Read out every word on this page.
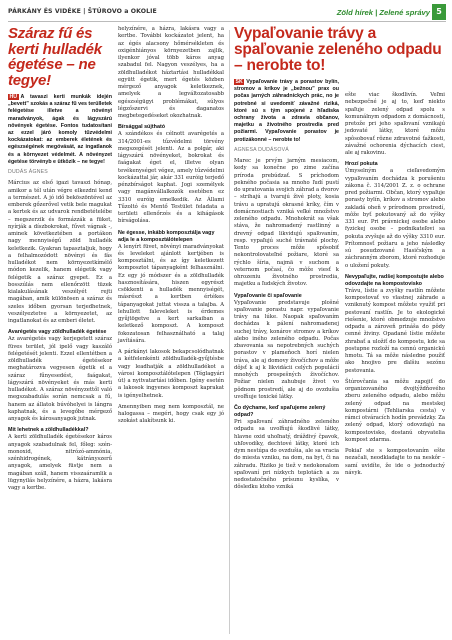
PÁRKÁNY ÉS VIDÉKE | ŠTÚROVO a OKOLIE	Zöld hírek | Zelené správy 5
Száraz fű és kerti hulladék égetése – ne tegye!

HU A tavaszi kerti munkák idején „bevett” szokás a száraz fű ves terülletek felégetése illetve a növényi maradványok, ágak és lágyszárú növények égetése. Fontos tudatosítani az ezzel járó komoly tűzvédelmi kockázatokat: az emberek életének és egészségének megóvását, az ingatlanok és a környezet védelmét. A növényzet égetése törvényb e ütközik – ne tegye!

DUDÁS ÁGNES

Március az első igazi tavaszi hónap, amikor a tél után végre elkezdni kend a természet. A jó idő beköszöntével az emberek gőzerővel vetik bele magukat a kertek és az udvarok rendbetételébe – megszerzik és formázzák a füket, nyírják a díszbokrokat, fűvet vágnak -, aminek következtében a portákon nagy mennyiségű zöld hulladék keletkezik. Gyakran tapasztaljuk, hogy a felhalmozódott növényi és fás hulladékot nem környezetkímélő módon kezelik, hanem elégetik vagy felégetik a száraz gyepet. Ez a bosszúlás nem ellenőrzött tüzek kialakulásának veszélyét rejti magában, amik különösen a száraz és szeles időben gyorsan terjedhetnek, veszélyeztetve a környezetet, az ingatlanokat és az emberi életet.

Avarégetés vagy zöldhulladék égetése

Az avarégetés vagy kerjegetett száraz füves terület, jól ipelő vagy kaszáló felégetését jelenti. Ezzel ellentétben a zöldhulladék égetésekor meghatározva vegyesen égetik el a száraz fűnyesedést, faágakat, lágyszárú növényeket és más kerti hulladékot. A száraz növényzettől való megszabadulás során nemcsak a fű, hanem az állatok búvóhelyei is lángra kaphatnak, és a levegőbe mérgező anyagok és károsanyagok jutnak.

Mit lehetnek a zöldhulladékkal?

A kerti zöldhulladék égetésekor káros anyagok szabadulnak fel, főleg: szén-monoxid, nitrózó-ammónia, szénhidrogének, kátrányszerű anyagok, amelyek füstje nem a magában száll, hanem visszaáramlik a lügynyilás helyzínére, a házra, lakásra vagy a kertbe.

helyzínére, a házra, lakásra vagy a kertbe. További kockázatot jelent, ha az égés alacsony hőmérsékleten és oxigénhiányos környezetben zajlik, ilyenkor jóval több káros anyag szabadul fel. Nagyon veszélyes, ha a zöldhulladékot háztartási hulladékkal együtt égetik, mert égetés közben mérgező anyagok keletkeznek, amelyek a legváltozatosabb egészségügyi problémákat, súlyos légzőszervi és daganatos megbetegedéseket okozhatnak.

Bírsággal sújtható

A szándékos és célnott avarégetés a 314/2001-es tűzvédelmi törvény megszegését jelenti. Az a polgár, aki lágyszárú növényeket, bokrokat és faágakat éget el, illetve olyan tevékenységet végez, amely tűzvédelmi kockázattal jár, akár 331 euróig terjedő pénzbírságot kaphat. Jogi személyek vagy magánvállalkozók esetében ez 3310 euróig emelkedik. Az Állami Tűzoltó és Mentő Testület feladata a területi ellenőrzés és a kihágások bírságolása.

Ne égesse, inkább komposztálja vagy adja le a komposztálótelepen

A lenyírt füvet, növényi maradványokat és leveleket ajánlott kertjében is komposztálni, és az így keletkezett komposztot tápanyagként felhasználni. Ez egy jó módszer és a zöldhulladék hasznosítására, hiszen egyrészt csökkenti a hulladék mennyiségét, másrészt a kertben értékes tápanyagokat juttat vissza a talajba. A lehullott faleveleket is érdemes gyűjtögetve a kert sarkaiban a keletkező komposzt. A komposzt fokozatosan felhasználható a talaj javítására.

A párkányi lakosok bekapcsolódhatnak a kétfelenkénti zöldhulladék-gyűjtésbe vagy leadhatják a zöldhulladékot a városi komposztálótelepen (Téglagyári út) a nyitvatartási időben. Igény esetén a lakosok ingyenes komposzt kaprakat is igényelhetnek.

Amennyiben meg nem komposztál, ne halogassa – megéri, hogy csak egy jó szokást alakítsunk ki.

Vypaľovanie trávy a spaľovanie zeleného odpadu – nerobte to!

SK Vypaľovanie trávy a porastov bylín, stromov a kríkov je „bežnou” prax ou počas jarných záhradníckych prác, no je potrebné si uvedomiť závažné riziká, ktoré sú s tým spojené z hľadiska ochrany života a zdravia občanov, majetku a životného prostredia pred požiarmi. Vypaľovanie porastov je protizákonné – nerobte to!

AGNESA DUDÁSOVÁ

Marec je prvým jarným mesiacom, kedy sa konečne po zime začína príroda prebúdzať. S príchodom pekného počasia sa mnoho ľudí pustí do upratovania svojich záhrad a dvorov – strihajú a tvarujú živé ploty, kosia trávu a upratujú okrasné kríky, čím v domácnostiach vzniká veľké množstvo zeleného odpadu. Mnohokrát sa však stáva, že nahromadený rastlinný a drevný odpad likvidujú spaľovaním, resp. vypaľujú suché trávnaté plochy. Tento proces môže spôsobiť nekontrolovateľné požiare, ktoré sa rýchlo šíria, najmä v suchom a veternom počasí, čo môže viesť k ohrozeniu životného prostredia, majetku a ľudských životov.

Vypaľovanie či spaľovanie

Vypaľovanie predstavuje plošné spaľovanie porastu napr. vypaľovanie trávy na lúke. Naopak spaľovaním dochádza k pálení nahromadenej suchej trávy, konárov stromov a kríkov alebo iného zeleného odpadu. Počas zbavovania sa nepotrebných suchých porastov v plameňoch horí nielen tráva, ale aj domovy živočíchov a môže dôjsť k aj k likvidácii celých populácií mnohých prospešných živočíchov. Požiar nielen zahubuje život vo pôdnom prostredí, ale aj do ovzdušia uvoľňuje toxické látky.

Čo dýchame, keď spaľujeme zelený odpad?

Pri spaľovaní záhradného zeleného odpadu sa uvoľňujú škodlivé látky, hlavne oxid uhoľnatý, dráždivý čpavok, uhľovodíky, dechtové látky, ktoré ich dym nestúpa do ovzdušia, ale sa vracia do miesta vzniku, na dom, na byt, či na záhradu. Riziko je tiež v nedokonalom spaľovaní pri nízkych teplotách a za nedostatočného prísunu kyslíka, v dôsledku ktoho vzniká

ešte viac škodlivín. Veľmi nebezpečné je aj to, keď niekto spaľuje zelený odpad spolu s komunálnym odpadom z domácnosti, pretože pri jeho spaľovaní vznikajú jedovaté látky, ktoré môžu spôsobovať rôzne zdravotné ťažkosti, závažné ochorenia dýchacích ciest, ale aj rakovinu.

Hrozí pokuta

Úmyselným a cieľavedomým vypaľovaním dochádza k porušeniu zákona č. 314/2001 Z. z. o ochrane pred požiarmi. Občan, ktorý vypaľuje porasty bylín, kríkov a stromov alebo zakladá oheň v prírodnom prostredí, môže byť pokutovaný až do výšky 331 eur. Pri právnickej osobe alebo fyzickej osobe – podnikateľovi sa pokuta zvyšuje až do výšky 3310 eur. Prítomnosť požiaru a jeho následky sú posudzované Hasičským a záchranným zborom, ktoré rozhoduje o uložení pokuty.

Nevypaľujte, radšej kompostujte alebo odovzdajte na kompostovisko

Trávu, lístie a zvyšky rastlín môžete kompostovať vo vlastnej záhrade a vzniknutý kompost môžete využiť pri pestovaní rastlín. Je to ekologické riešenie, ktoré obmedzuje množstvo odpadu a zároveň prináša do pôdy cenné živiny. Opadané lístie môžete zhrabať a uložiť do kompostu, kde sa postupne rozloží na cennú organickú hmotu. Tá sa môže následne použiť ako hnojivo pre ďalšiu sezónu pestovania.

Štúrovčania sa môžu zapojiť do organizovaného dvojtýždňového zberu zeleného odpadu, alebo môžu zelený odpad na mestskej kompostárni (Tehliarska cesta) v rámci otváracích hodín prevádzky. Za zelený odpad, ktorý odovzdajú na kompostovisko, dostanú obyvatelia kompost zdarma.

Pokiaľ ste s kompostovaním ešte nezačali, neodkladajte to na neskôr – samí uvidíte, že ide o jednoduchý návyk.
